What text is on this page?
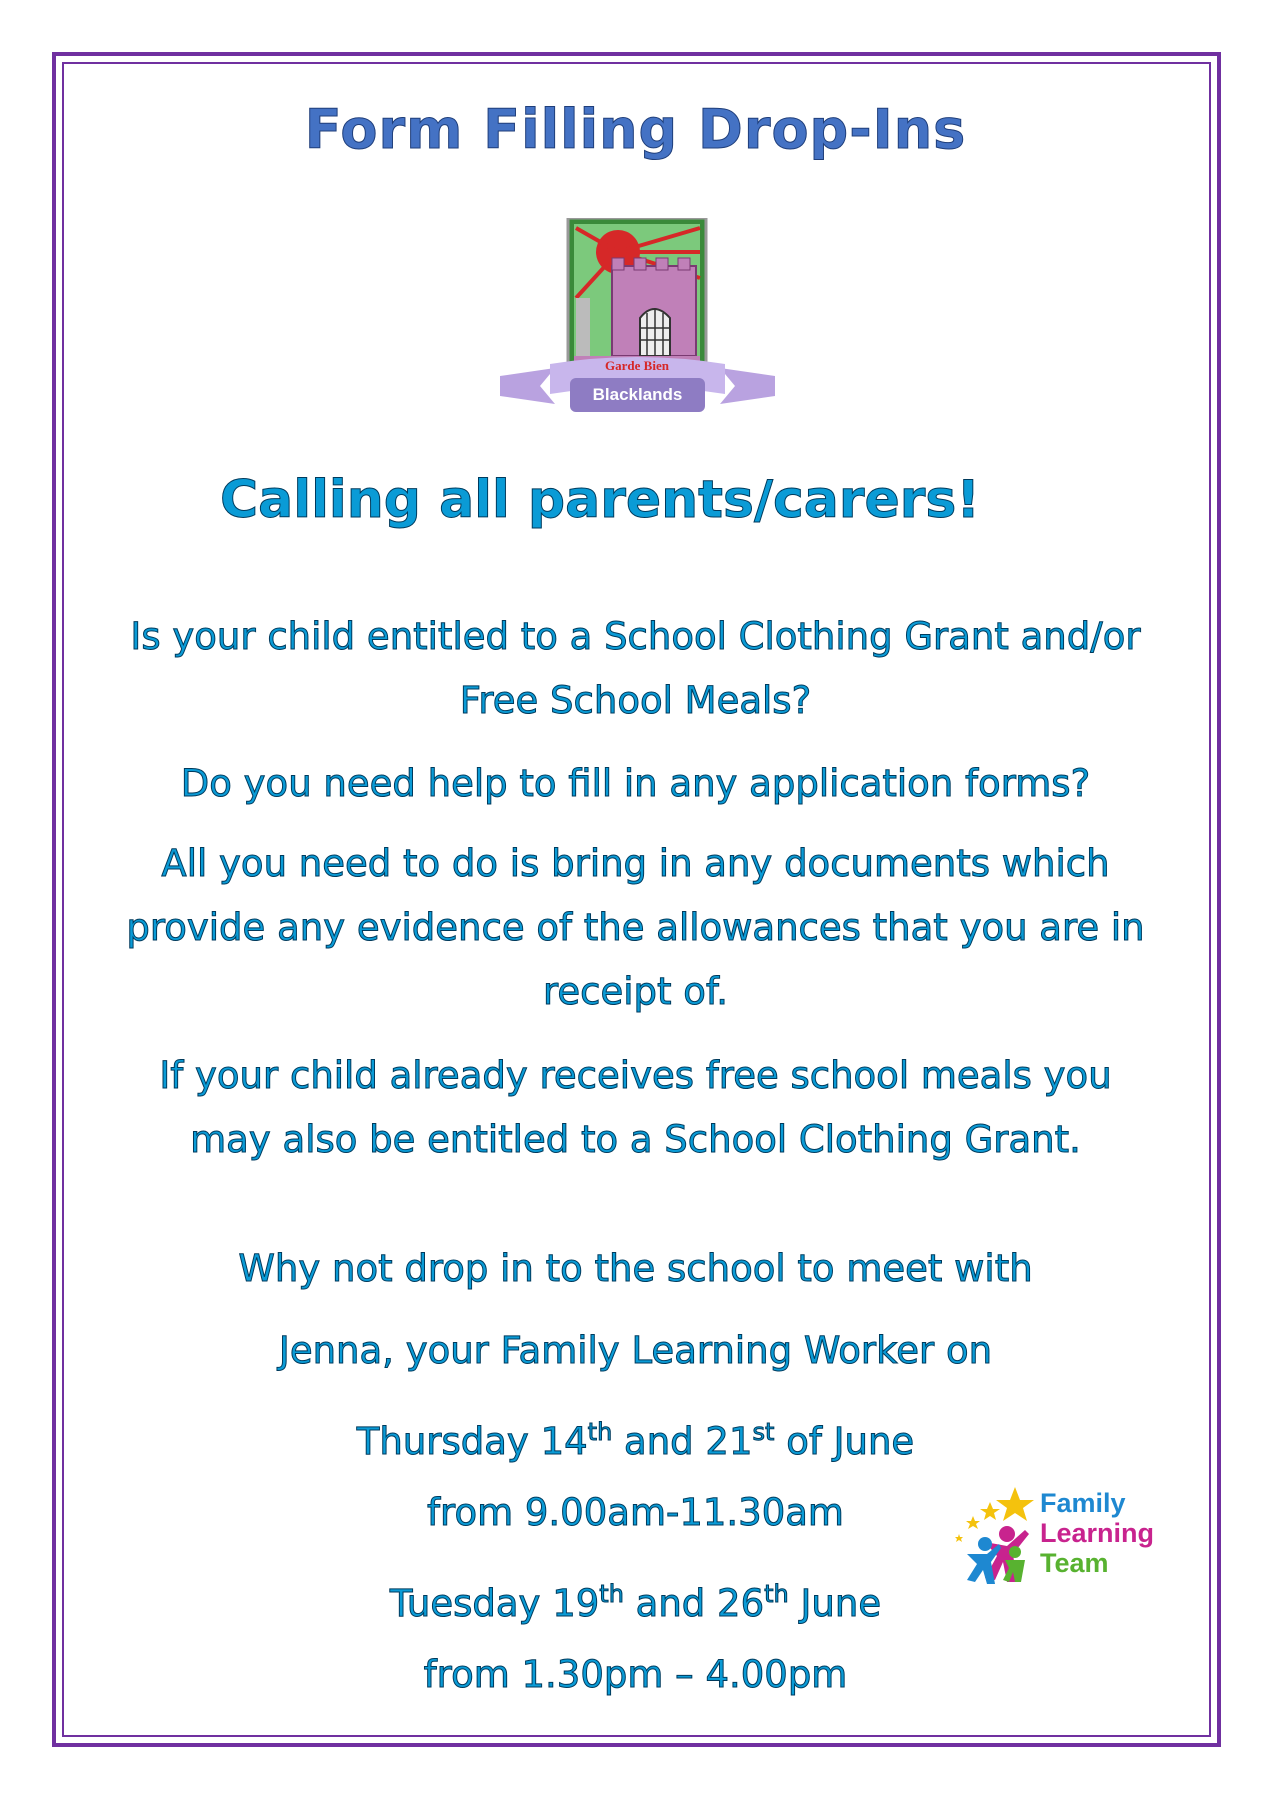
Form Filling Drop-Ins
Blacklands
Garde Bien
Calling all parents/carers!
Is your child entitled to a School Clothing Grant and/or
Free School Meals?
Do you need help to fill in any application forms?
All you need to do is bring in any documents which
provide any evidence of the allowances that you are in
receipt of.
If your child already receives free school meals you
may also be entitled to a School Clothing Grant.
Why not drop in to the school to meet with
Jenna, your Family Learning Worker on
Thursday 14th and 21st of June
from 9.00am-11.30am
Tuesday 19th and 26th June
from 1.30pm – 4.00pm
Family
Learning
Team
